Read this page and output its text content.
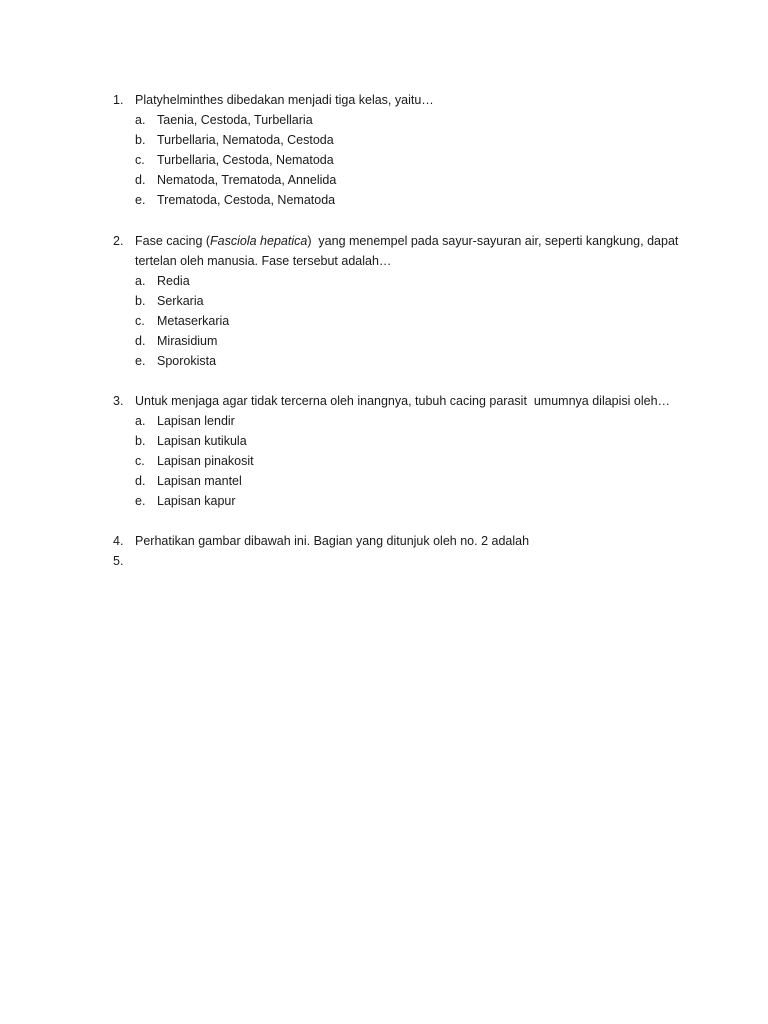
1. Platyhelminthes dibedakan menjadi tiga kelas, yaitu…
a. Taenia, Cestoda, Turbellaria
b. Turbellaria, Nematoda, Cestoda
c. Turbellaria, Cestoda, Nematoda
d. Nematoda, Trematoda, Annelida
e. Trematoda, Cestoda, Nematoda
2. Fase cacing (Fasciola hepatica)  yang menempel pada sayur-sayuran air, seperti kangkung, dapat
tertelan oleh manusia. Fase tersebut adalah…
a. Redia
b. Serkaria
c. Metaserkaria
d. Mirasidium
e. Sporokista
3. Untuk menjaga agar tidak tercerna oleh inangnya, tubuh cacing parasit  umumnya dilapisi oleh…
a. Lapisan lendir
b. Lapisan kutikula
c. Lapisan pinakosit
d. Lapisan mantel
e. Lapisan kapur
4. Perhatikan gambar dibawah ini. Bagian yang ditunjuk oleh no. 2 adalah
5.
